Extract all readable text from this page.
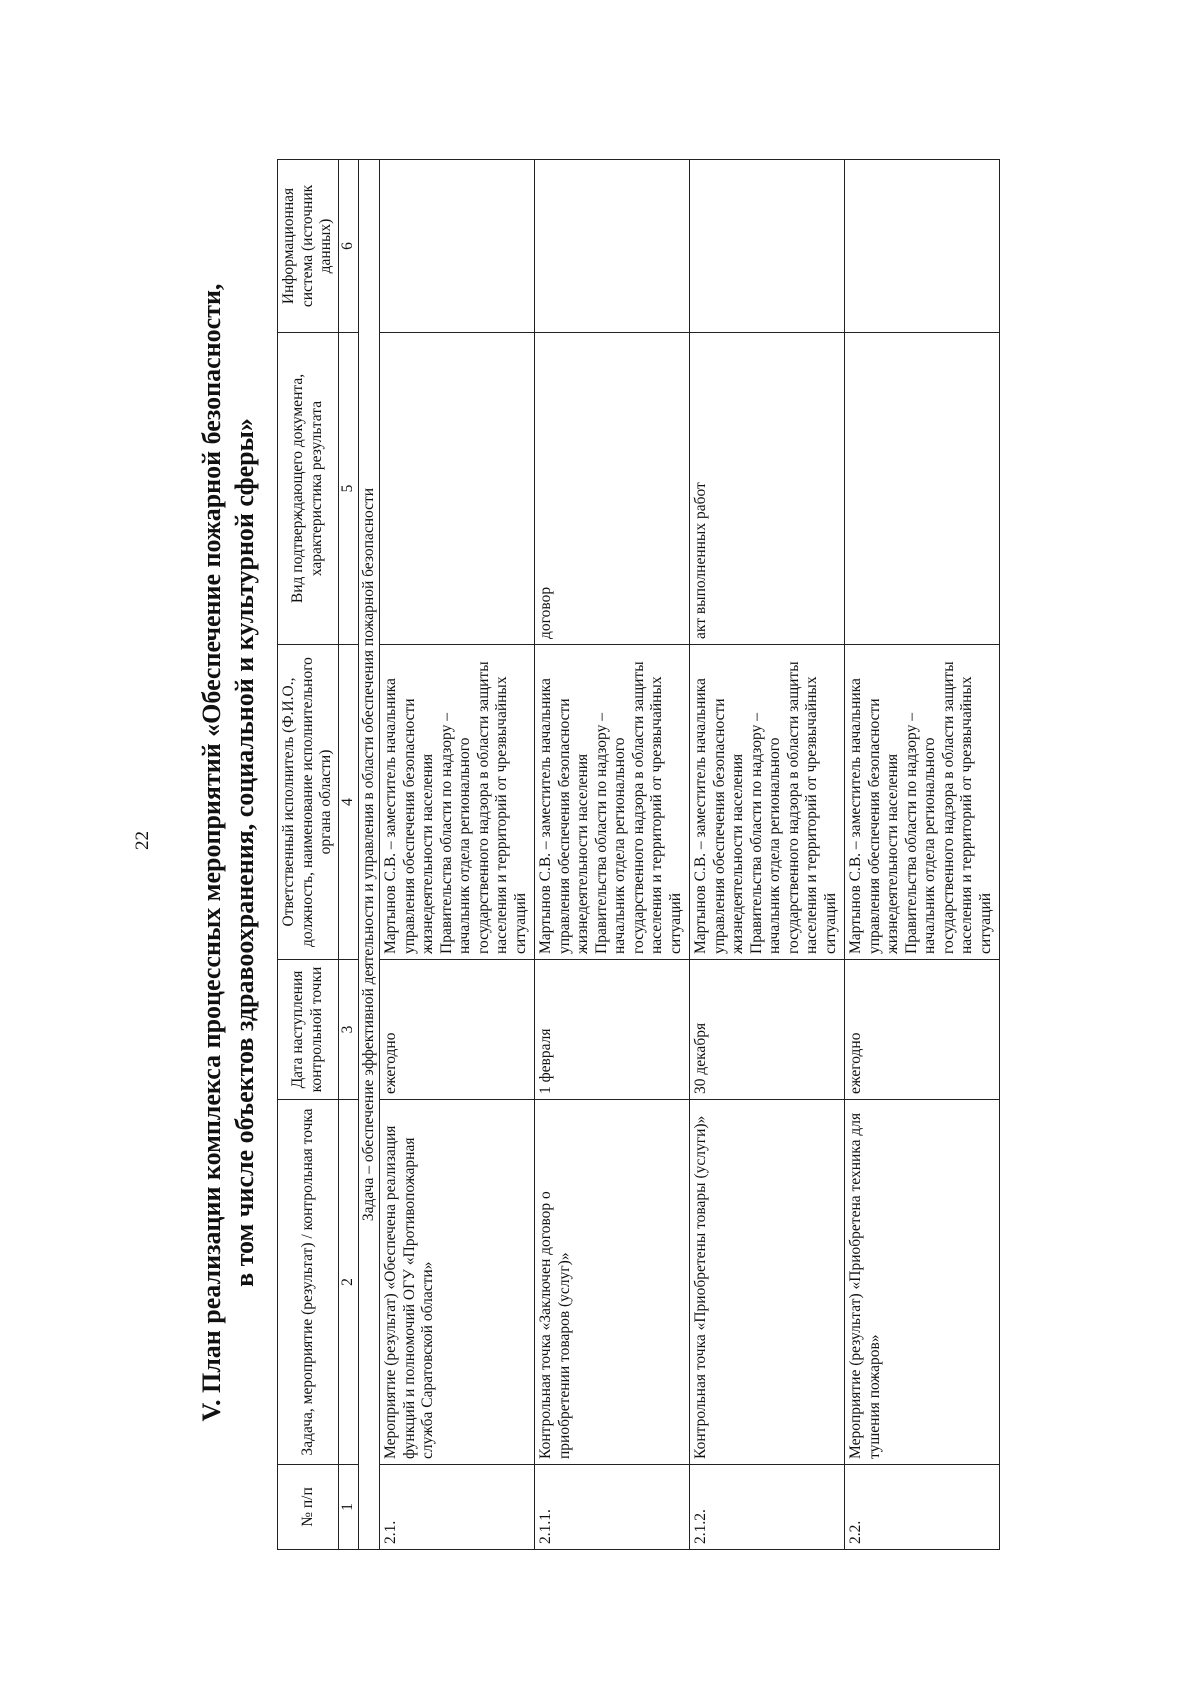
22 V. План реализации комплекса процессных мероприятий «Обеспечение пожарной безопасности, в том числе объектов здравоохранения, социальной и культурной сферы»

№ п/п	Задача, мероприятие (результат) / контрольная точка	Дата наступления контрольной точки	Ответственный исполнитель (Ф.И.О., должность, наименование исполнительного органа области)	Вид подтверждающего документа, характеристика результата	Информационная система (источник данных)
1	2	3	4	5	6
Задача – обеспечение эффективной деятельности и управления в области обеспечения пожарной безопасности					
2.1.	Мероприятие (результат) «Обеспечена реализация функций и полномочий ОГУ «Противопожарная служба Саратовской области»	ежегодно	Мартынов С.В. – заместитель начальника управления обеспечения безопасности жизнедеятельности населения Правительства области по надзору – начальник отдела регионального государственного надзора в области защиты населения и территорий от чрезвычайных ситуаций		

2.1.1.	Контрольная точка «Заключен договор о приобретении товаров (услуг)»	1 февраля	Мартынов С.В. – заместитель начальника управления обеспечения безопасности жизнедеятельности населения Правительства области по надзору – начальник отдела регионального государственного надзора в области защиты населения и территорий от чрезвычайных ситуаций	договор	
2.1.2.	Контрольная точка «Приобретены товары (услуги)»	30 декабря	Мартынов С.В. – заместитель начальника управления обеспечения безопасности жизнедеятельности населения Правительства области по надзору – начальник отдела регионального государственного надзора в области защиты населения и территорий от чрезвычайных ситуаций	акт выполненных работ	
2.2.	Мероприятие (результат) «Приобретена техника для тушения пожаров»	ежегодно	Мартынов С.В. – заместитель начальника управления обеспечения безопасности жизнедеятельности населения Правительства области по надзору – начальник отдела регионального государственного надзора в области защиты населения и территорий от чрезвычайных ситуаций		
